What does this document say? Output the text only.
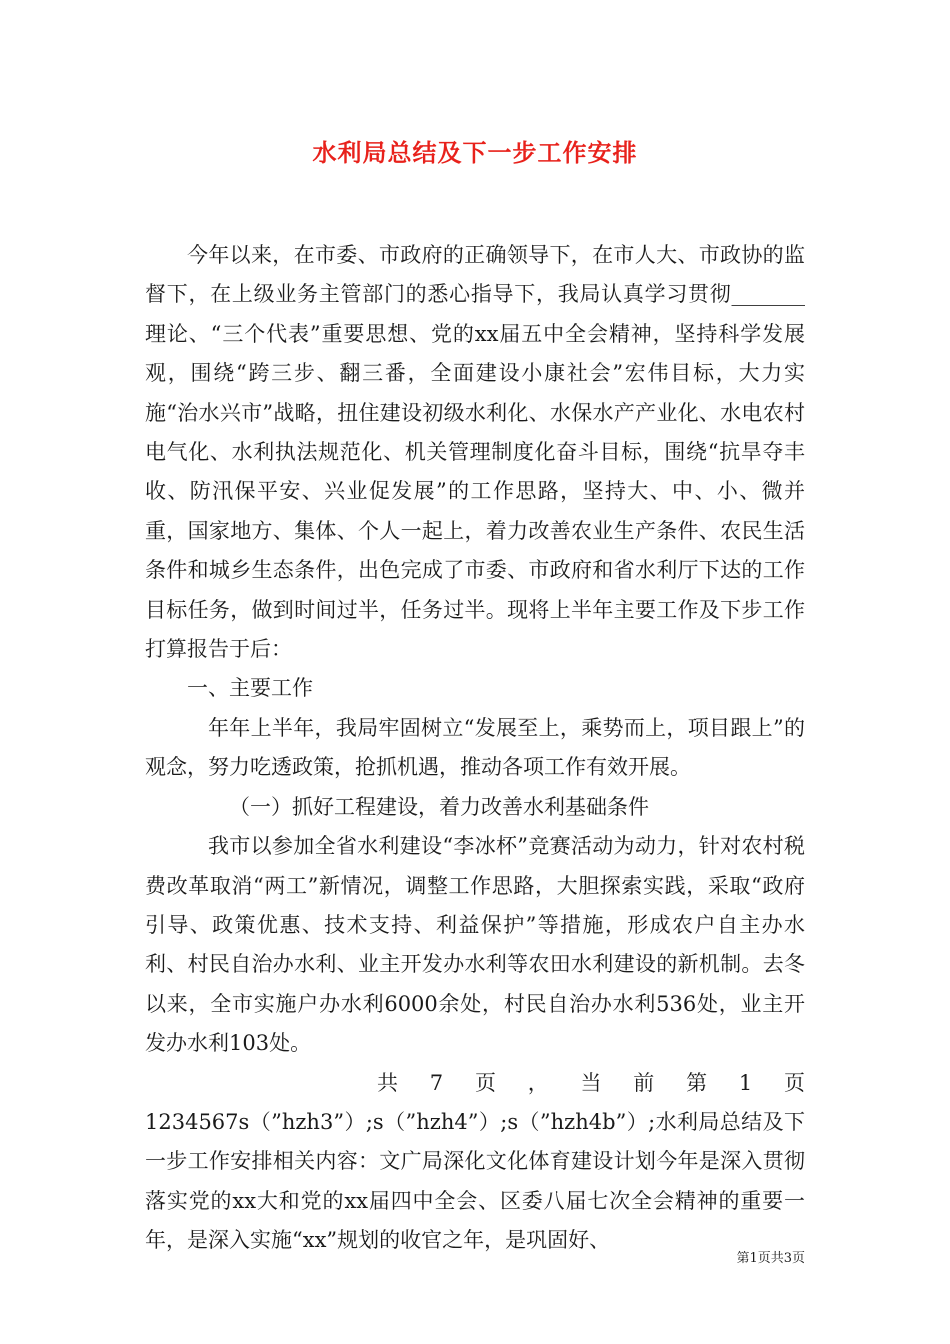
水利局总结及下一步工作安排

今年以来，在市委、市政府的正确领导下，在市人大、市政协的监督下，在上级业务主管部门的悉心指导下，我局认真学习贯彻_______理论、“三个代表”重要思想、党的xx届五中全会精神，坚持科学发展观，围绕“跨三步、翻三番，全面建设小康社会”宏伟目标，大力实施“治水兴市”战略，扭住建设初级水利化、水保水产产业化、水电农村电气化、水利执法规范化、机关管理制度化奋斗目标，围绕“抗旱夺丰收、防汛保平安、兴业促发展”的工作思路，坚持大、中、小、微并重，国家地方、集体、个人一起上，着力改善农业生产条件、农民生活条件和城乡生态条件，出色完成了市委、市政府和省水利厅下达的工作目标任务，做到时间过半，任务过半。现将上半年主要工作及下步工作打算报告于后：

一、主要工作

年年上半年，我局牢固树立“发展至上，乘势而上，项目跟上”的观念，努力吃透政策，抢抓机遇，推动各项工作有效开展。

（一）抓好工程建设，着力改善水利基础条件

我市以参加全省水利建设“李冰杯”竞赛活动为动力，针对农村税费改革取消“两工”新情况，调整工作思路，大胆探索实践，采取“政府引导、政策优惠、技术支持、利益保护”等措施，形成农户自主办水利、村民自治办水利、业主开发办水利等农田水利建设的新机制。去冬以来，全市实施户办水利6000余处，村民自治办水利536处，业主开发办水利103处。

共 7 页 ， 当 前 第 1 页

1234567s（”hzh3”）;s（”hzh4”）;s（”hzh4b”）;水利局总结及下一步工作安排相关内容：文广局深化文化体育建设计划今年是深入贯彻落实党的xx大和党的xx届四中全会、区委八届七次全会精神的重要一年，是深入实施“xx”规划的收官之年，是巩固好、

第1页共3页
